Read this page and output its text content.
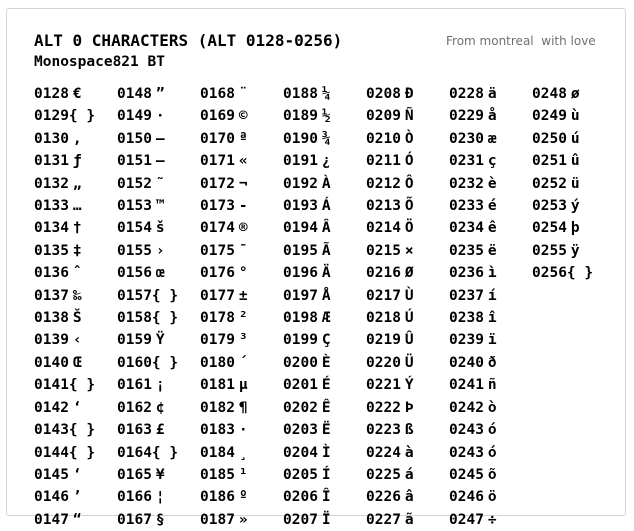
ALT 0 CHARACTERS (ALT 0128-0256)
Monospace821 BT
From montreal  with love
0128 €
0129{ }
0130 ,
0131 ƒ
0132 „
0133 …
0134 †
0135 ‡
0136 ˆ
0137 ‰
0138 Š
0139 ‹
0140 Œ
0141{ }
0142 ‘
0143{ }
0144{ }
0145 ‘
0146 ’
0147 “
0148 ”
0149 ·
0150 –
0151 —
0152 ˜
0153 ™
0154 š
0155 ›
0156 œ
0157{ }
0158{ }
0159 Ÿ
0160{ }
0161 ¡
0162 ¢
0163 £
0164{ }
0165 ¥
0166 ¦
0167 §
0168 ¨
0169 ©
0170 ª
0171 «
0172 ¬
0173 -
0174 ®
0175 ¯
0176 °
0177 ±
0178 ²
0179 ³
0180 ´
0181 µ
0182 ¶
0183 ·
0184 ¸
0185 ¹
0186 º
0187 »
0188 ¼
0189 ½
0190 ¾
0191 ¿
0192 À
0193 Á
0194 Â
0195 Ã
0196 Ä
0197 Å
0198 Æ
0199 Ç
0200 È
0201 É
0202 Ê
0203 Ë
0204 Ì
0205 Í
0206 Î
0207 Ï
0208 Ð
0209 Ñ
0210 Ò
0211 Ó
0212 Ô
0213 Õ
0214 Ö
0215 ×
0216 Ø
0217 Ù
0218 Ú
0219 Û
0220 Ü
0221 Ý
0222 Þ
0223 ß
0224 à
0225 á
0226 â
0227 ã
0228 ä
0229 å
0230 æ
0231 ç
0232 è
0233 é
0234 ê
0235 ë
0236 ì
0237 í
0238 î
0239 ï
0240 ð
0241 ñ
0242 ò
0243 ó
0243 ó
0245 õ
0246 ö
0247 ÷
0248 ø
0249 ù
0250 ú
0251 û
0252 ü
0253 ý
0254 þ
0255 ÿ
0256{ }
